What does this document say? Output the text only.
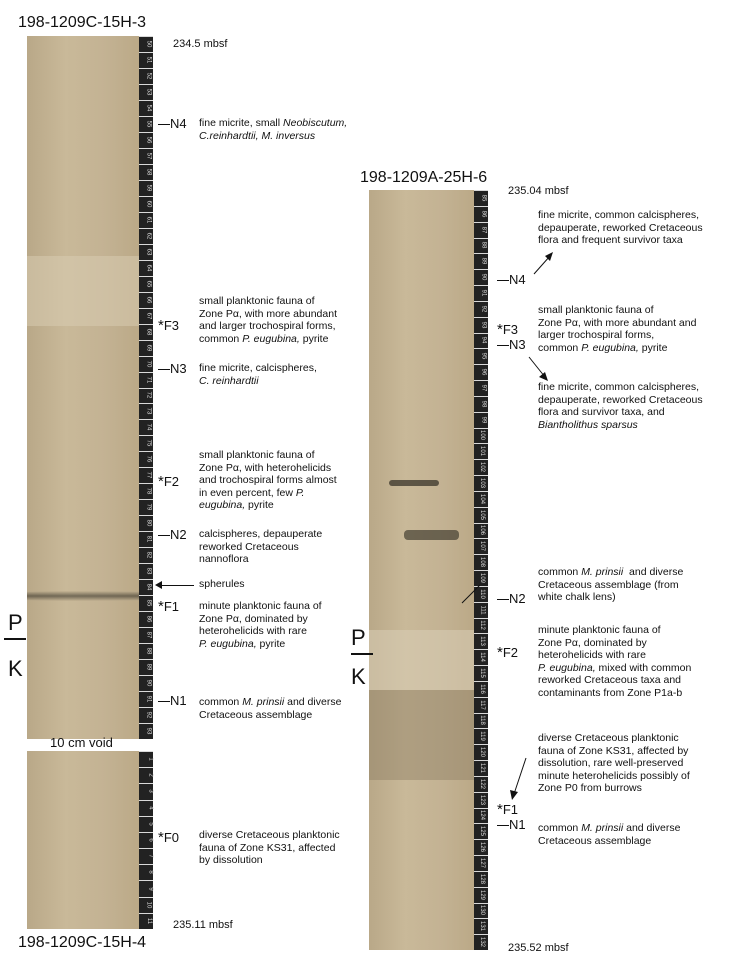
198-1209C-15H-3
234.5 mbsf
50
51
52
53
54
55
56
57
58
59
60
61
62
63
64
65
66
67
68
69
70
71
72
73
74
75
76
77
78
79
80
81
82
83
84
85
86
87
88
89
90
91
92
93
10 cm void
1
2
3
4
5
6
7
8
9
10
11 235.11 mbsf
198-1209C-15H-4
P
K
N4 fine micrite, small Neobiscutum,
C.reinhardtii, M. inversus
*F3
small planktonic fauna of
Zone Pα, with more abundant
and larger trochospiral forms,
common P. eugubina, pyrite
N3 fine micrite, calcispheres,
C. reinhardtii
*F2
small planktonic fauna of
Zone Pα, with heterohelicids
and trochospiral forms almost
in even percent, few P.
eugubina, pyrite
N2 calcispheres, depauperate
reworked Cretaceous
nannoflora
spherules
*F1 minute planktonic fauna of
Zone Pα, dominated by
heterohelicids with rare
P. eugubina, pyrite
N1 common M. prinsii and diverse
Cretaceous assemblage
*F0 diverse Cretaceous planktonic
fauna of Zone KS31, affected
by dissolution
198-1209A-25H-6
235.04 mbsf
85
86
87
88
89
90
91
92
93
94
95
96
97
98
99
100
101
102
103
104
105
106
107
108
109
110
111
112
113
114
115
116
117
118
119
120
121
122
123
124
125
126
127
128
129
130
131
132 235.52 mbsf
P
K
N4
fine micrite, common calcispheres,
depauperate, reworked Cretaceous
flora and frequent survivor taxa
*F3
small planktonic fauna of
Zone Pα, with more abundant and
larger trochospiral forms,
common P. eugubina, pyrite
N3
fine micrite, common calcispheres,
depauperate, reworked Cretaceous
flora and survivor taxa, and
Biantholithus sparsus
N2
common M. prinsii  and diverse
Cretaceous assemblage (from
white chalk lens)
*F2
minute planktonic fauna of
Zone Pα, dominated by
heterohelicids with rare
P. eugubina, mixed with common
reworked Cretaceous taxa and
contaminants from Zone P1a-b
*F1
diverse Cretaceous planktonic
fauna of Zone KS31, affected by
dissolution, rare well-preserved
minute heterohelicids possibly of
Zone P0 from burrows
N1 common M. prinsii and diverse
Cretaceous assemblage
